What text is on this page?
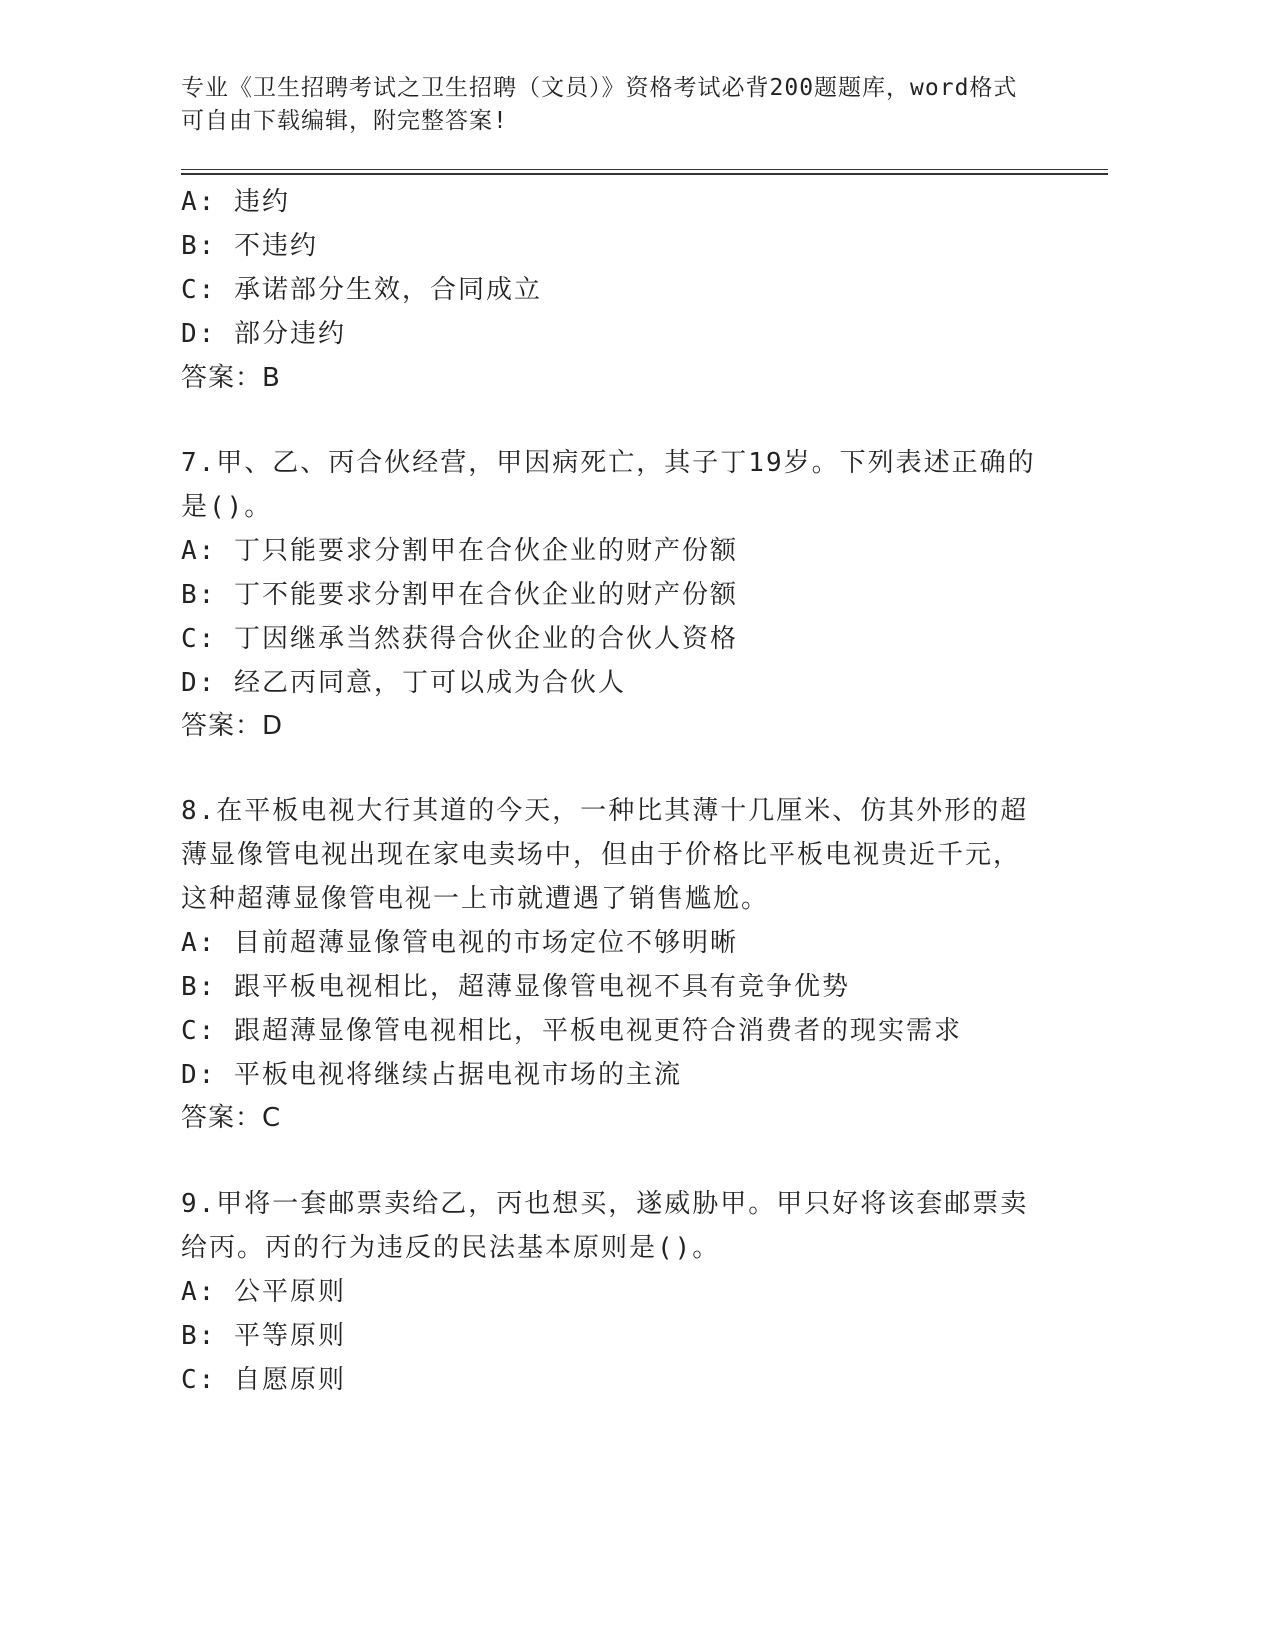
专业《卫生招聘考试之卫生招聘（文员）》资格考试必背200题题库，word格式
可自由下载编辑，附完整答案!
A: 违约
B: 不违约
C: 承诺部分生效，合同成立
D: 部分违约
答案：B
7.甲、乙、丙合伙经营，甲因病死亡，其子丁19岁。下列表述正确的
是()。
A: 丁只能要求分割甲在合伙企业的财产份额
B: 丁不能要求分割甲在合伙企业的财产份额
C: 丁因继承当然获得合伙企业的合伙人资格
D: 经乙丙同意，丁可以成为合伙人
答案：D
8.在平板电视大行其道的今天，一种比其薄十几厘米、仿其外形的超
薄显像管电视出现在家电卖场中，但由于价格比平板电视贵近千元，
这种超薄显像管电视一上市就遭遇了销售尴尬。
A: 目前超薄显像管电视的市场定位不够明晰
B: 跟平板电视相比，超薄显像管电视不具有竞争优势
C: 跟超薄显像管电视相比，平板电视更符合消费者的现实需求
D: 平板电视将继续占据电视市场的主流
答案：C
9.甲将一套邮票卖给乙，丙也想买，遂威胁甲。甲只好将该套邮票卖
给丙。丙的行为违反的民法基本原则是()。
A: 公平原则
B: 平等原则
C: 自愿原则
